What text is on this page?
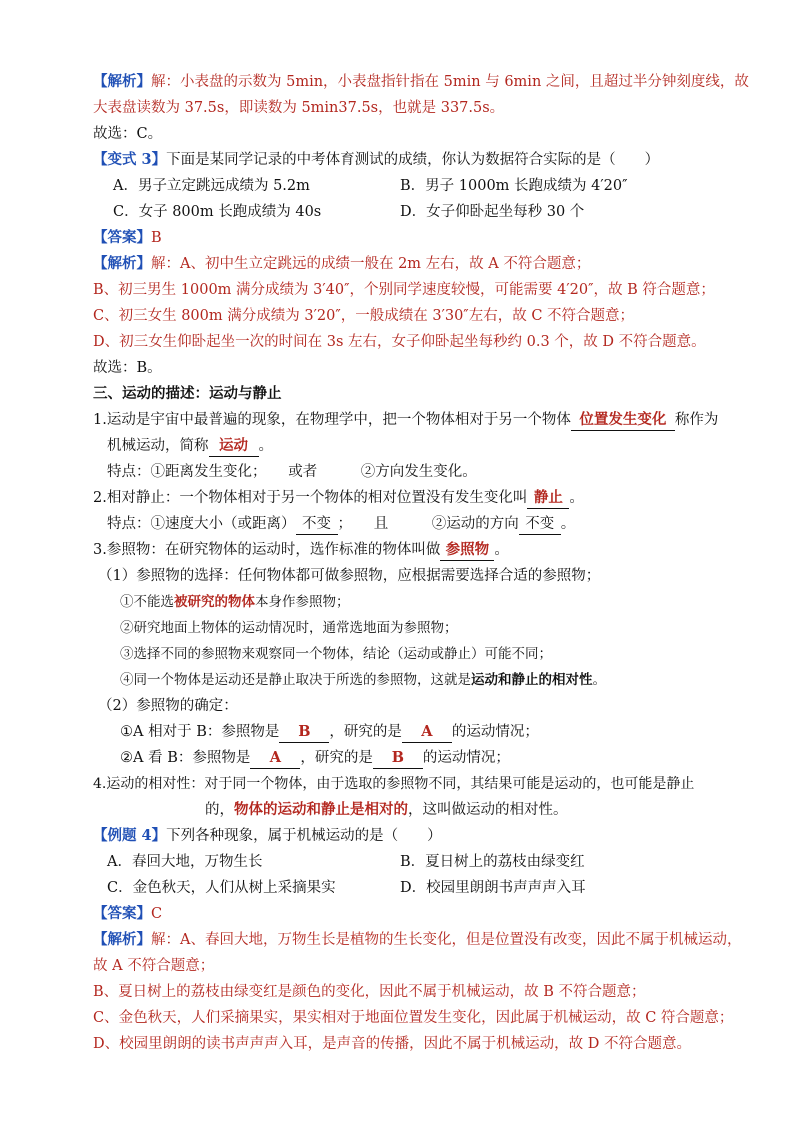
【解析】解：小表盘的示数为 5min，小表盘指针指在 5min 与 6min 之间，且超过半分钟刻度线，故
大表盘读数为 37.5s，即读数为 5min37.5s，也就是 337.5s。
故选：C。
【变式 3】下面是某同学记录的中考体育测试的成绩，你认为数据符合实际的是（　　）
A．男子立定跳远成绩为 5.2m	B．男子 1000m 长跑成绩为 4′20″
C．女子 800m 长跑成绩为 40s	D．女子仰卧起坐每秒 30 个
【答案】B
【解析】解：A、初中生立定跳远的成绩一般在 2m 左右，故 A 不符合题意；
B、初三男生 1000m 满分成绩为 3′40″，个别同学速度较慢，可能需要 4′20″，故 B 符合题意；
C、初三女生 800m 满分成绩为 3′20″，一般成绩在 3′30″左右，故 C 不符合题意；
D、初三女生仰卧起坐一次的时间在 3s 左右，女子仰卧起坐每秒约 0.3 个，故 D 不符合题意。
故选：B。
三、运动的描述：运动与静止
1.运动是宇宙中最普遍的现象，在物理学中，把一个物体相对于另一个物体 位置发生变化 称作为
机械运动，简称 运动 。
特点：①距离发生变化；　　或者　　　②方向发生变化。
2.相对静止：一个物体相对于另一个物体的相对位置没有发生变化叫 静止 。
特点：①速度大小（或距离） 不变 ；　　且　　　②运动的方向 不变 。
3.参照物：在研究物体的运动时，选作标准的物体叫做 参照物 。
（1）参照物的选择：任何物体都可做参照物，应根据需要选择合适的参照物；
①不能选被研究的物体本身作参照物；
②研究地面上物体的运动情况时，通常选地面为参照物；
③选择不同的参照物来观察同一个物体，结论（运动或静止）可能不同；
④同一个物体是运动还是静止取决于所选的参照物，这就是运动和静止的相对性。
（2）参照物的确定：
①A 相对于 B：参照物是 B ，研究的是 A 的运动情况；
②A 看 B：参照物是 A ，研究的是 B 的运动情况；
4.运动的相对性：对于同一个物体，由于选取的参照物不同，其结果可能是运动的，也可能是静止
的，物体的运动和静止是相对的，这叫做运动的相对性。
【例题 4】下列各种现象，属于机械运动的是（　　）
A．春回大地，万物生长	B．夏日树上的荔枝由绿变红
C．金色秋天，人们从树上采摘果实	D．校园里朗朗书声声声入耳
【答案】C
【解析】解：A、春回大地，万物生长是植物的生长变化，但是位置没有改变，因此不属于机械运动，
故 A 不符合题意；
B、夏日树上的荔枝由绿变红是颜色的变化，因此不属于机械运动，故 B 不符合题意；
C、金色秋天，人们采摘果实，果实相对于地面位置发生变化，因此属于机械运动，故 C 符合题意；
D、校园里朗朗的读书声声声入耳，是声音的传播，因此不属于机械运动，故 D 不符合题意。
